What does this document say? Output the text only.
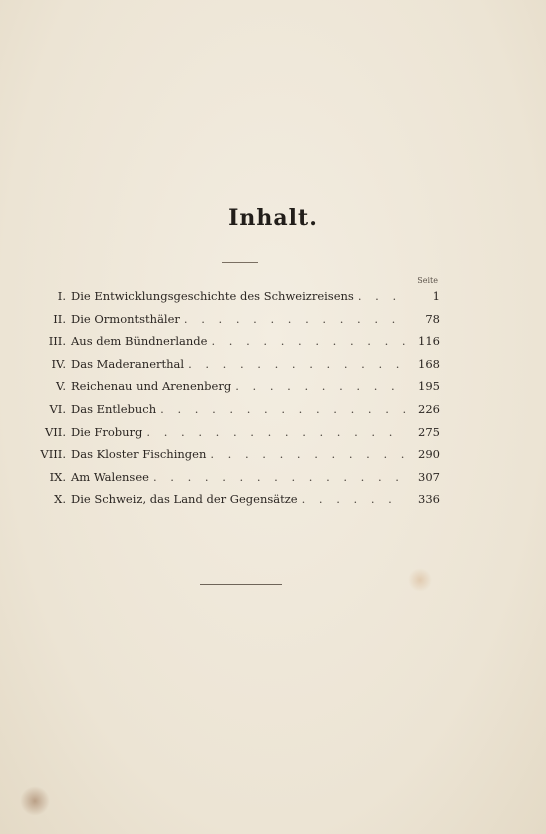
Inhalt.
Seite
I. Die Entwicklungsgeschichte des Schweizreisens . . .	1
II. Die Ormontsthäler . . .	78
III. Aus dem Bündnerlande . . .	116
IV. Das Maderanerthal . . .	168
V. Reichenau und Arenenberg . . .	195
VI. Das Entlebuch . . .	226
VII. Die Froburg . . .	275
VIII. Das Kloster Fischingen . . .	290
IX. Am Walensee . . .	307
X. Die Schweiz, das Land der Gegensätze . . .	336
